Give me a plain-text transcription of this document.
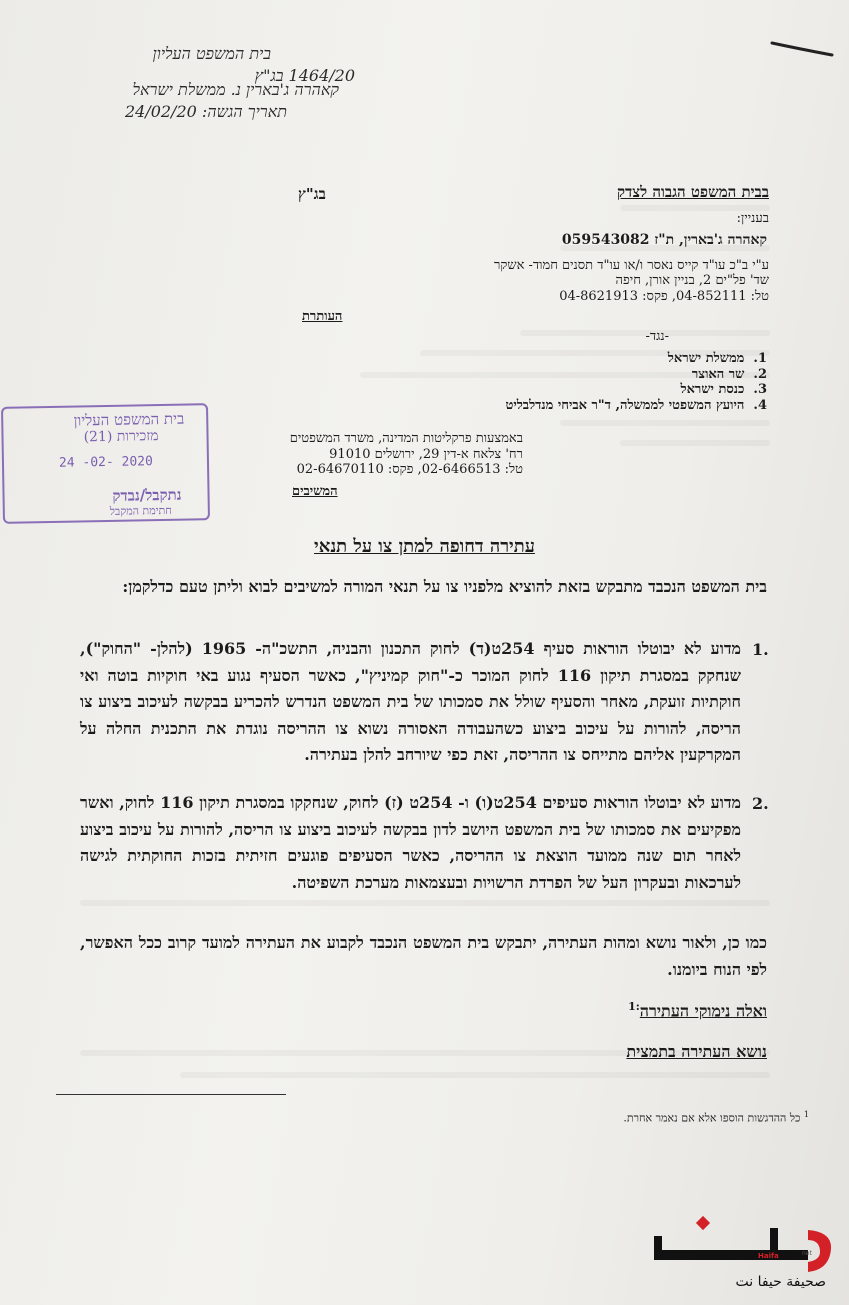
בית המשפט העליון
1464/20 בג"ץ
קאהרה ג'בארין נ. ממשלת ישראל
תאריך הגשה: 24/02/20
בבית המשפט הגבוה לצדק
בג"ץ
בעניין:
קאהרה ג'בארין, ת"ז 059543082
ע"י ב"כ עו"ד קייס נאסר ו/או עו"ד תסנים חמוד- אשקר
שד' פל"ים 2, בניין אורן, חיפה
טל: 04-852111, פקס: 04-8621913
העותרת
-נגד-
1.  ממשלת ישראל
2.  שר האוצר
3.  כנסת ישראל
4.  היועץ המשפטי לממשלה, ד"ר אביחי מנדלבליט
באמצעות פרקליטות המדינה, משרד המשפטים
רח' צלאח א-דין 29, ירושלים 91010
טל: 02-6466513, פקס: 02-64670110
המשיבים
בית המשפט העליון
מזכירות (21)
24 -02- 2020
נתקבל/נבדק
חתימת המקבל
עתירה דחופה למתן צו על תנאי
בית המשפט הנכבד מתבקש בזאת להוציא מלפניו צו על תנאי המורה למשיבים לבוא וליתן טעם כדלקמן:
1.
מדוע לא יבוטלו הוראות סעיף 254ט(ד) לחוק התכנון והבניה, התשכ"ה- 1965 (להלן- "החוק"), שנחקק במסגרת תיקון 116 לחוק המוכר כ-"חוק קמיניץ", כאשר הסעיף נגוע באי חוקיות בוטה ואי חוקתיות זועקת, מאחר והסעיף שולל את סמכותו של בית המשפט הנדרש להכריע בבקשה לעיכוב ביצוע צו הריסה, להורות על עיכוב ביצוע כשהעבודה האסורה נשוא צו ההריסה נוגדת את התכנית החלה על המקרקעין אליהם מתייחס צו ההריסה, זאת כפי שיורחב להלן בעתירה.
2.
מדוע לא יבוטלו הוראות סעיפים 254ט(ו) ו- 254ט (ז) לחוק, שנחקקו במסגרת תיקון 116 לחוק, ואשר מפקיעים את סמכותו של בית המשפט היושב לדון בבקשה לעיכוב ביצוע צו הריסה, להורות על עיכוב ביצוע לאחר תום שנה ממועד הוצאת צו ההריסה, כאשר הסעיפים פוגעים חזיתית בזכות החוקתית לגישה לערכאות ובעקרון העל של הפרדת הרשויות ובעצמאות מערכת השפיטה.
כמו כן, ולאור נושא ומהות העתירה, יתבקש בית המשפט הנכבד לקבוע את העתירה למועד קרוב ככל האפשר, לפי הנוח ביומנו.
ואלה נימוקי העתירה$^{:1}$
נושא העתירה בתמצית
$^1$ כל ההדגשות הוספו אלא אם נאמר אחרת.
Haifa	net
صحيفة حيفا نت
